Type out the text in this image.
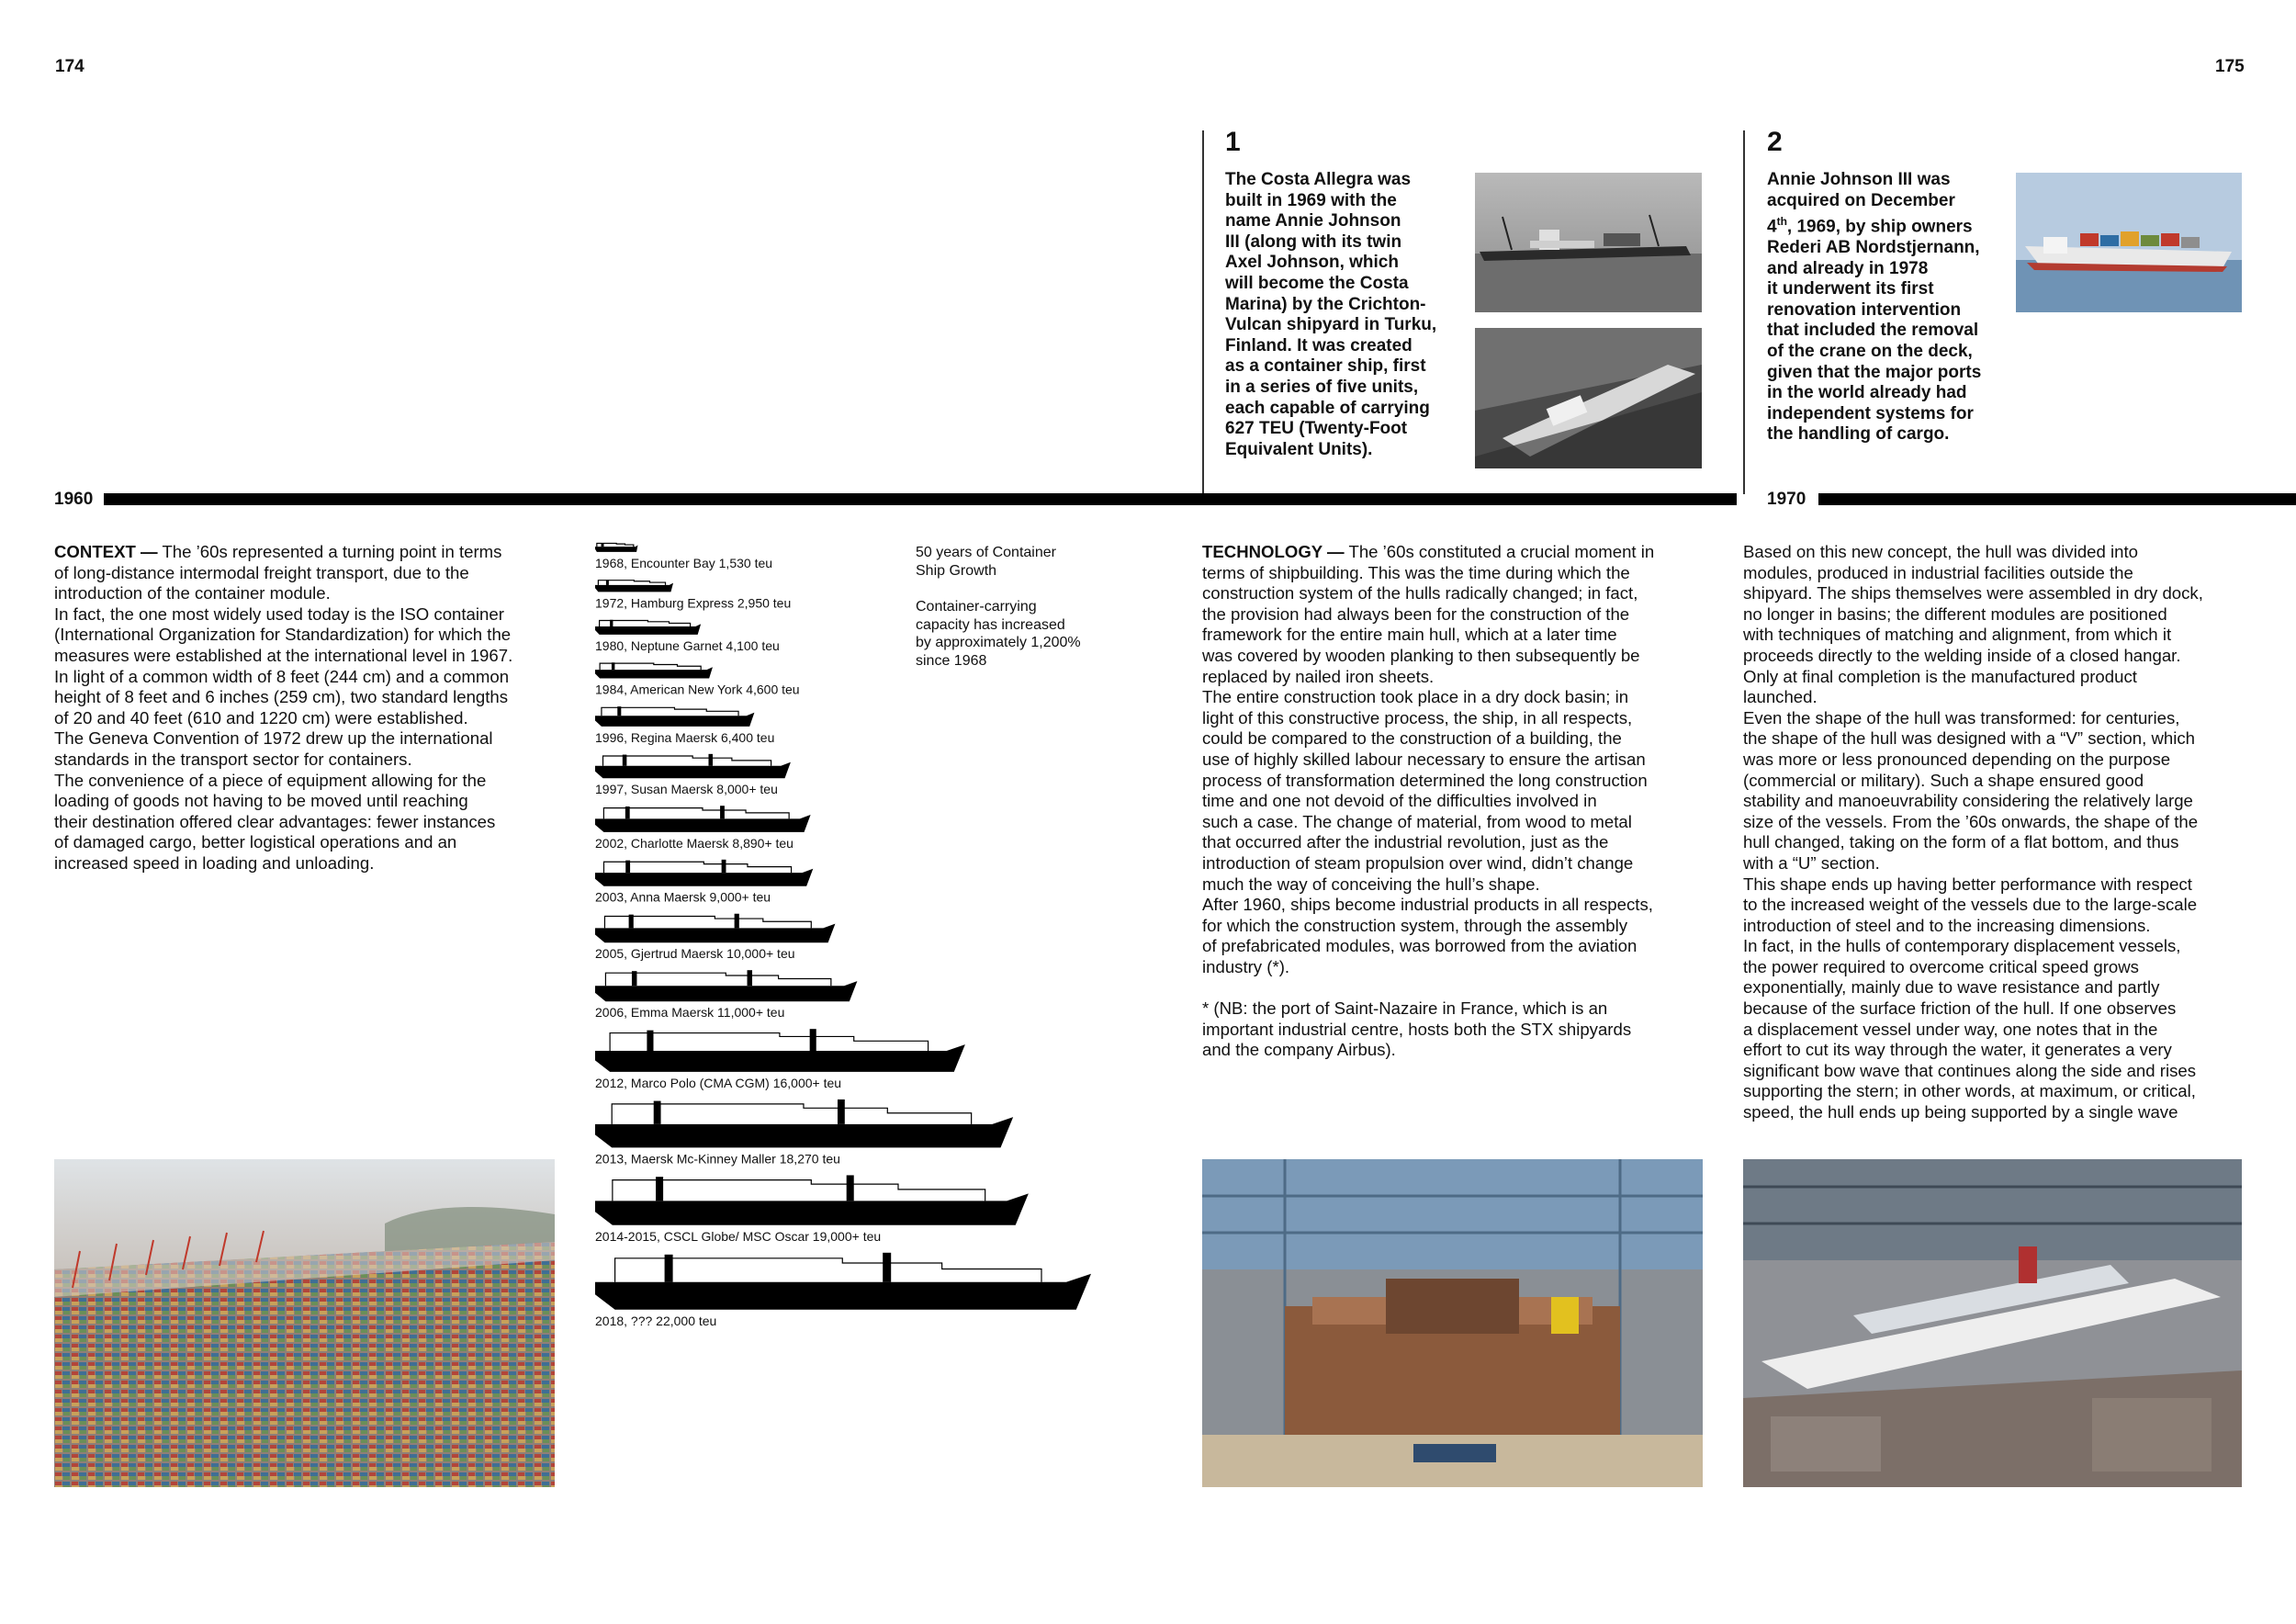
174	175
1
The Costa Allegra was
built in 1969 with the
name Annie Johnson
III (along with its twin
Axel Johnson, which
will become the Costa
Marina) by the Crichton-
Vulcan shipyard in Turku,
Finland. It was created
as a container ship, first
in a series of five units,
each capable of carrying
627 TEU (Twenty-Foot
Equivalent Units).
2
Annie Johnson III was
acquired on December
4th, 1969, by ship owners
Rederi AB Nordstjernann,
and already in 1978
it underwent its first
renovation intervention
that included the removal
of the crane on the deck,
given that the major ports
in the world already had
independent systems for
the handling of cargo.
1960	1970
CONTEXT — The ’60s represented a turning point in terms
of long-distance intermodal freight transport, due to the
introduction of the container module.
In fact, the one most widely used today is the ISO container
(International Organization for Standardization) for which the
measures were established at the international level in 1967.
In light of a common width of 8 feet (244 cm) and a common
height of 8 feet and 6 inches (259 cm), two standard lengths
of 20 and 40 feet (610 and 1220 cm) were established.
The Geneva Convention of 1972 drew up the international
standards in the transport sector for containers.
The convenience of a piece of equipment allowing for the
loading of goods not having to be moved until reaching
their destination offered clear advantages: fewer instances
of damaged cargo, better logistical operations and an
increased speed in loading and unloading.
50 years of Container
Ship Growth
Container-carrying
capacity has increased
by approximately 1,200%
since 1968
1968, Encounter Bay 1,530 teu
1972, Hamburg Express 2,950 teu
1980, Neptune Garnet 4,100 teu
1984, American New York 4,600 teu
1996, Regina Maersk 6,400 teu
1997, Susan Maersk 8,000+ teu
2002, Charlotte Maersk 8,890+ teu
2003, Anna Maersk 9,000+ teu
2005, Gjertrud Maersk 10,000+ teu
2006, Emma Maersk 11,000+ teu
2012, Marco Polo (CMA CGM) 16,000+ teu
2013, Maersk Mc-Kinney Maller 18,270 teu
2014-2015, CSCL Globe/ MSC Oscar 19,000+ teu
2018, ??? 22,000 teu
TECHNOLOGY — The ’60s constituted a crucial moment in
terms of shipbuilding. This was the time during which the
construction system of the hulls radically changed; in fact,
the provision had always been for the construction of the
framework for the entire main hull, which at a later time
was covered by wooden planking to then subsequently be
replaced by nailed iron sheets.
The entire construction took place in a dry dock basin; in
light of this constructive process, the ship, in all respects,
could be compared to the construction of a building, the
use of highly skilled labour necessary to ensure the artisan
process of transformation determined the long construction
time and one not devoid of the difficulties involved in
such a case. The change of material, from wood to metal
that occurred after the industrial revolution, just as the
introduction of steam propulsion over wind, didn’t change
much the way of conceiving the hull’s shape.
After 1960, ships become industrial products in all respects,
for which the construction system, through the assembly
of prefabricated modules, was borrowed from the aviation
industry (*).

* (NB: the port of Saint-Nazaire in France, which is an
important industrial centre, hosts both the STX shipyards
and the company Airbus).
Based on this new concept, the hull was divided into
modules, produced in industrial facilities outside the
shipyard. The ships themselves were assembled in dry dock,
no longer in basins; the different modules are positioned
with techniques of matching and alignment, from which it
proceeds directly to the welding inside of a closed hangar.
Only at final completion is the manufactured product
launched.
Even the shape of the hull was transformed: for centuries,
the shape of the hull was designed with a “V” section, which
was more or less pronounced depending on the purpose
(commercial or military). Such a shape ensured good
stability and manoeuvrability considering the relatively large
size of the vessels. From the ’60s onwards, the shape of the
hull changed, taking on the form of a flat bottom, and thus
with a “U” section.
This shape ends up having better performance with respect
to the increased weight of the vessels due to the large-scale
introduction of steel and to the increasing dimensions.
In fact, in the hulls of contemporary displacement vessels,
the power required to overcome critical speed grows
exponentially, mainly due to wave resistance and partly
because of the surface friction of the hull. If one observes
a displacement vessel under way, one notes that in the
effort to cut its way through the water, it generates a very
significant bow wave that continues along the side and rises
supporting the stern; in other words, at maximum, or critical,
speed, the hull ends up being supported by a single wave
